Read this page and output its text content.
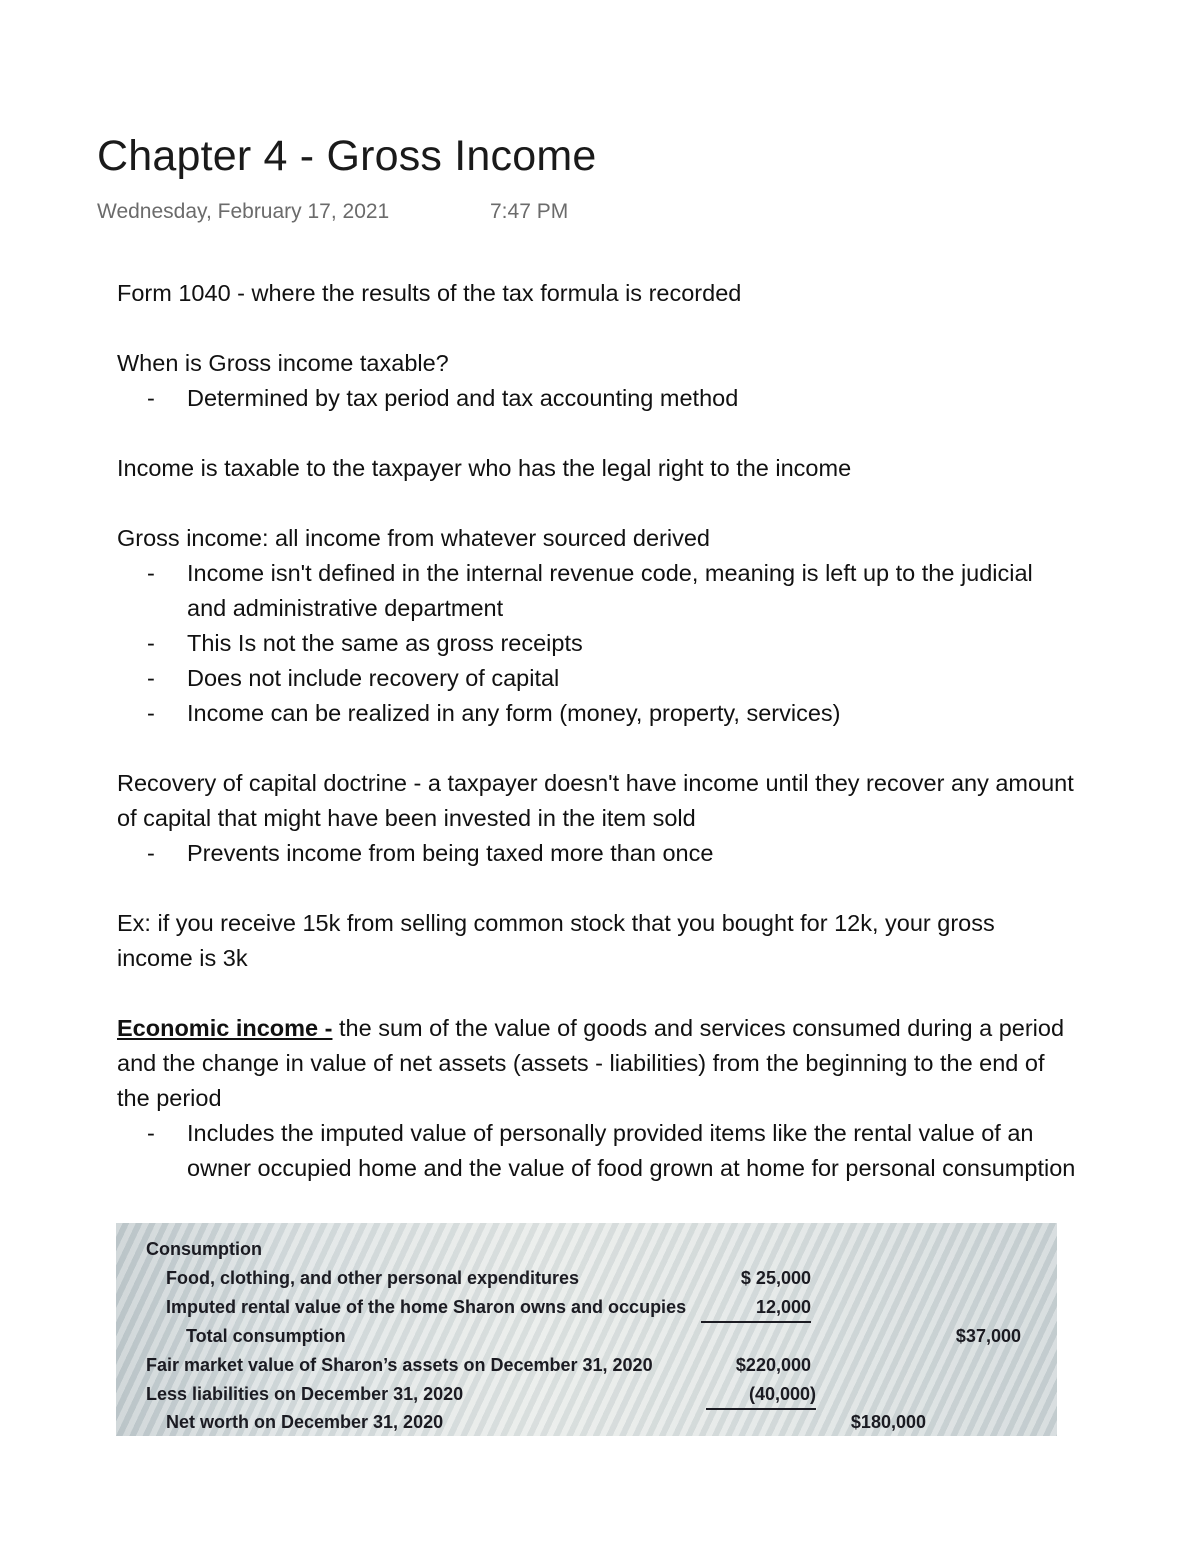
Chapter 4 - Gross Income
Wednesday, February 17, 2021	7:47 PM

Form 1040 - where the results of the tax formula is recorded

When is Gross income taxable?

- Determined by tax period and tax accounting method

Income is taxable to the taxpayer who has the legal right to the income

Gross income: all income from whatever sourced derived

- Income isn't defined in the internal revenue code, meaning is left up to the judicial and administrative department
- This Is not the same as gross receipts
- Does not include recovery of capital
- Income can be realized in any form (money, property, services)

Recovery of capital doctrine - a taxpayer doesn't have income until they recover any amount of capital that might have been invested in the item sold

- Prevents income from being taxed more than once

Ex: if you receive 15k from selling common stock that you bought for 12k, your gross income is 3k

Economic income - the sum of the value of goods and services consumed during a period and the change in value of net assets (assets - liabilities) from the beginning to the end of the period

- Includes the imputed value of personally provided items like the rental value of an owner occupied home and the value of food grown at home for personal consumption
Consumption
Food, clothing, and other personal expenditures	$ 25,000
Imputed rental value of the home Sharon owns and occupies	12,000
Total consumption	$37,000
Fair market value of Sharon’s assets on December 31, 2020	$220,000
Less liabilities on December 31, 2020	(40,000)
Net worth on December 31, 2020	$180,000
